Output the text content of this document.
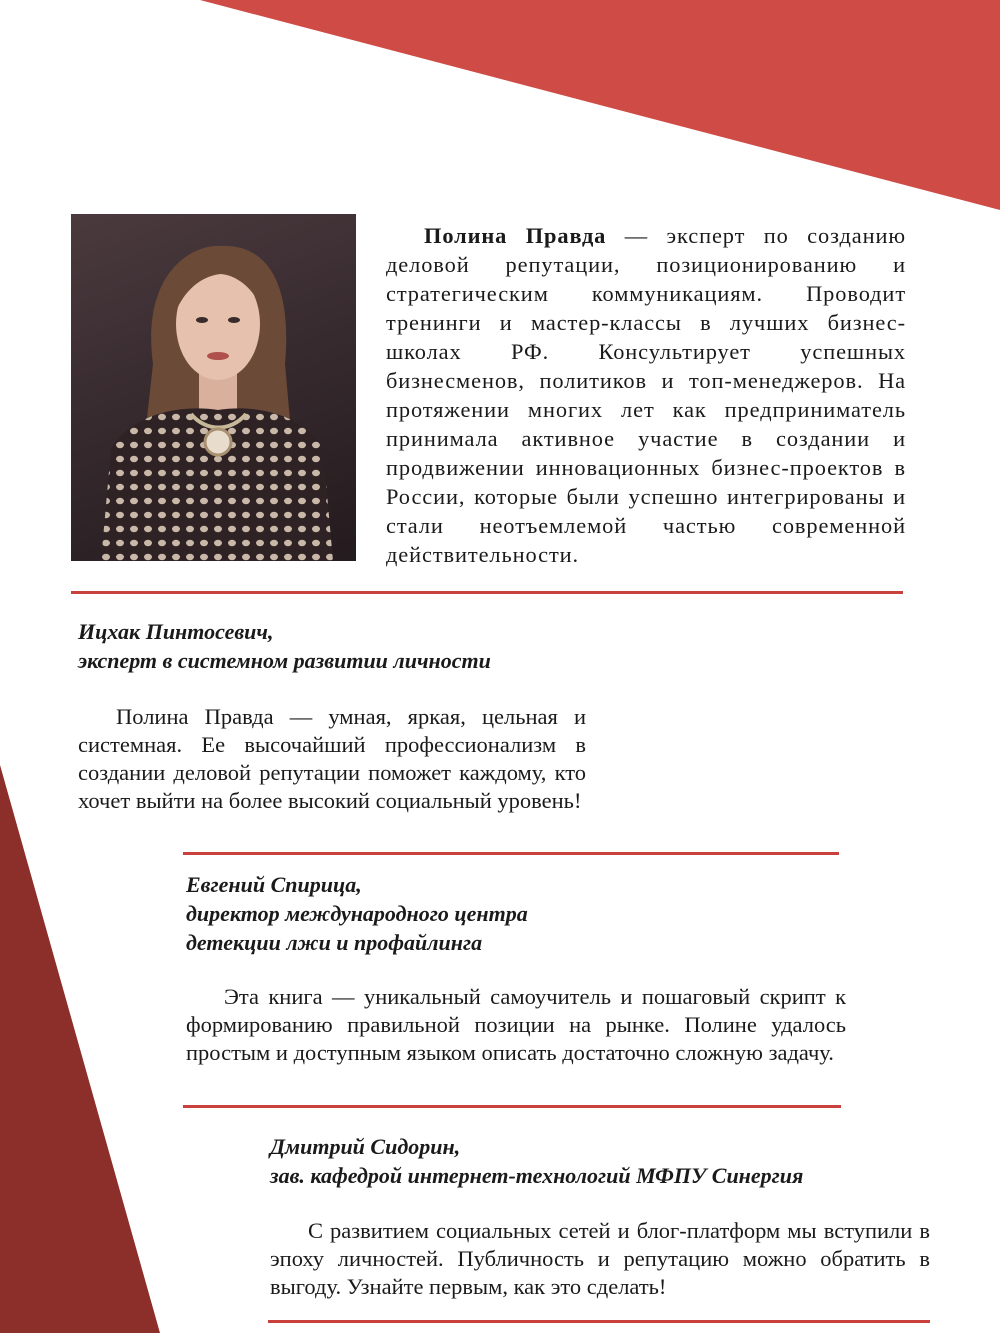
Полина Правда — эксперт по созданию деловой репутации, позиционированию и стратегическим коммуникациям. Проводит тренинги и мастер-классы в лучших бизнес-школах РФ. Консультирует успешных бизнесменов, политиков и топ-менеджеров. На протяжении многих лет как предприниматель принимала активное участие в создании и продвижении инновационных бизнес-проектов в России, которые были успешно интегрированы и стали неотъемлемой частью современной действительности.

Ицхак Пинтосевич,
эксперт в системном развитии личности

Полина Правда — умная, яркая, цельная и системная. Ее высочайший профессионализм в создании деловой репутации поможет каждому, кто хочет выйти на более высокий социальный уровень!

Евгений Спирица,
директор международного центра
детекции лжи и профайлинга

Эта книга — уникальный самоучитель и пошаговый скрипт к формированию правильной позиции на рынке. Полине удалось простым и доступным языком описать достаточно сложную задачу.

Дмитрий Сидорин,
зав. кафедрой интернет-технологий МФПУ Синергия

С развитием социальных сетей и блог-платформ мы вступили в эпоху личностей. Публичность и репутацию можно обратить в выгоду. Узнайте первым, как это сделать!
